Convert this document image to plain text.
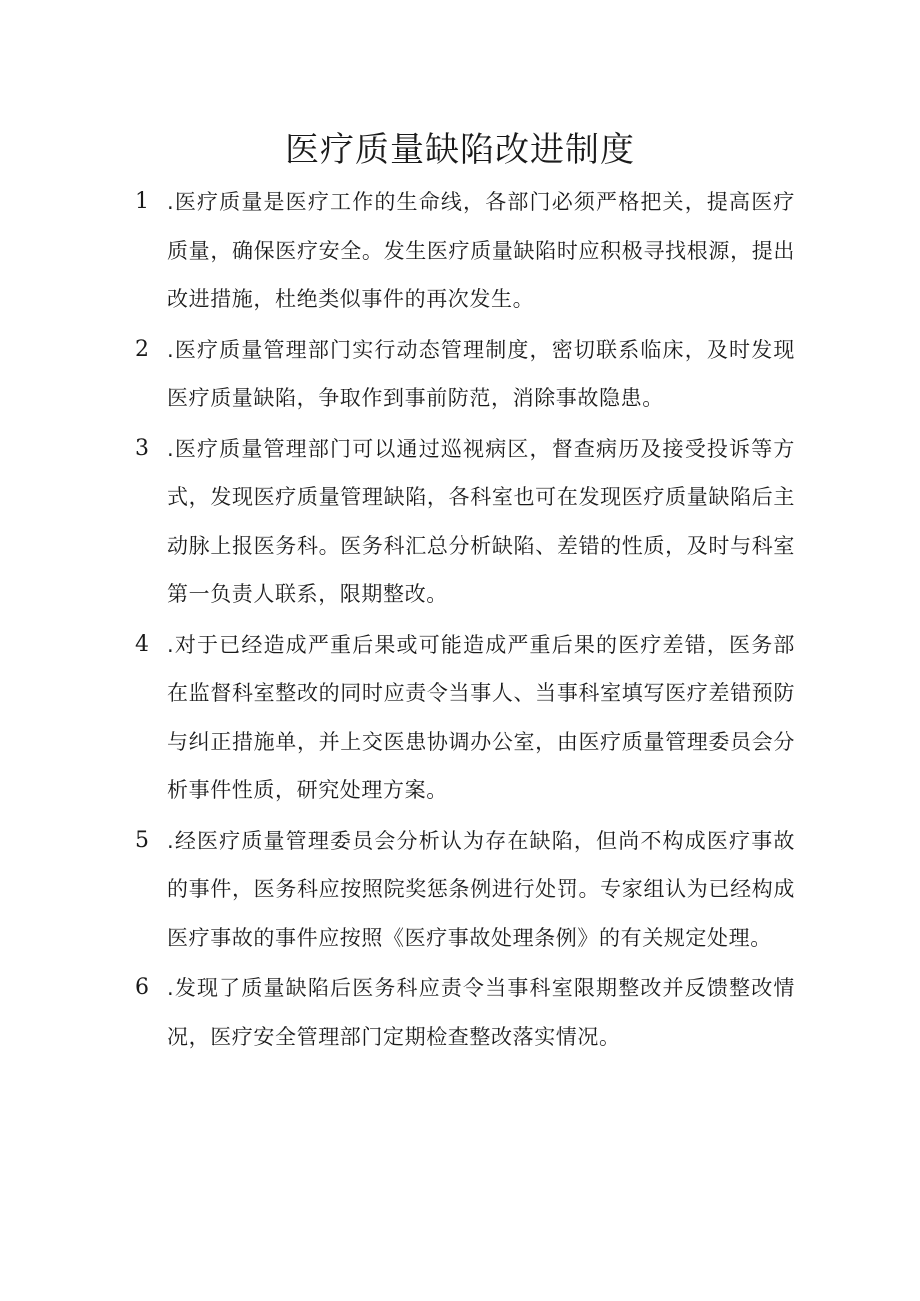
医疗质量缺陷改进制度
1 .医疗质量是医疗工作的生命线，各部门必须严格把关，提高医疗质量，确保医疗安全。发生医疗质量缺陷时应积极寻找根源，提出改进措施，杜绝类似事件的再次发生。
2 .医疗质量管理部门实行动态管理制度，密切联系临床，及时发现医疗质量缺陷，争取作到事前防范，消除事故隐患。
3 .医疗质量管理部门可以通过巡视病区，督查病历及接受投诉等方式，发现医疗质量管理缺陷，各科室也可在发现医疗质量缺陷后主动脉上报医务科。医务科汇总分析缺陷、差错的性质，及时与科室第一负责人联系，限期整改。
4 .对于已经造成严重后果或可能造成严重后果的医疗差错，医务部在监督科室整改的同时应责令当事人、当事科室填写医疗差错预防与纠正措施单，并上交医患协调办公室，由医疗质量管理委员会分析事件性质，研究处理方案。
5 .经医疗质量管理委员会分析认为存在缺陷，但尚不构成医疗事故的事件，医务科应按照院奖惩条例进行处罚。专家组认为已经构成医疗事故的事件应按照《医疗事故处理条例》的有关规定处理。
6 .发现了质量缺陷后医务科应责令当事科室限期整改并反馈整改情况，医疗安全管理部门定期检查整改落实情况。
